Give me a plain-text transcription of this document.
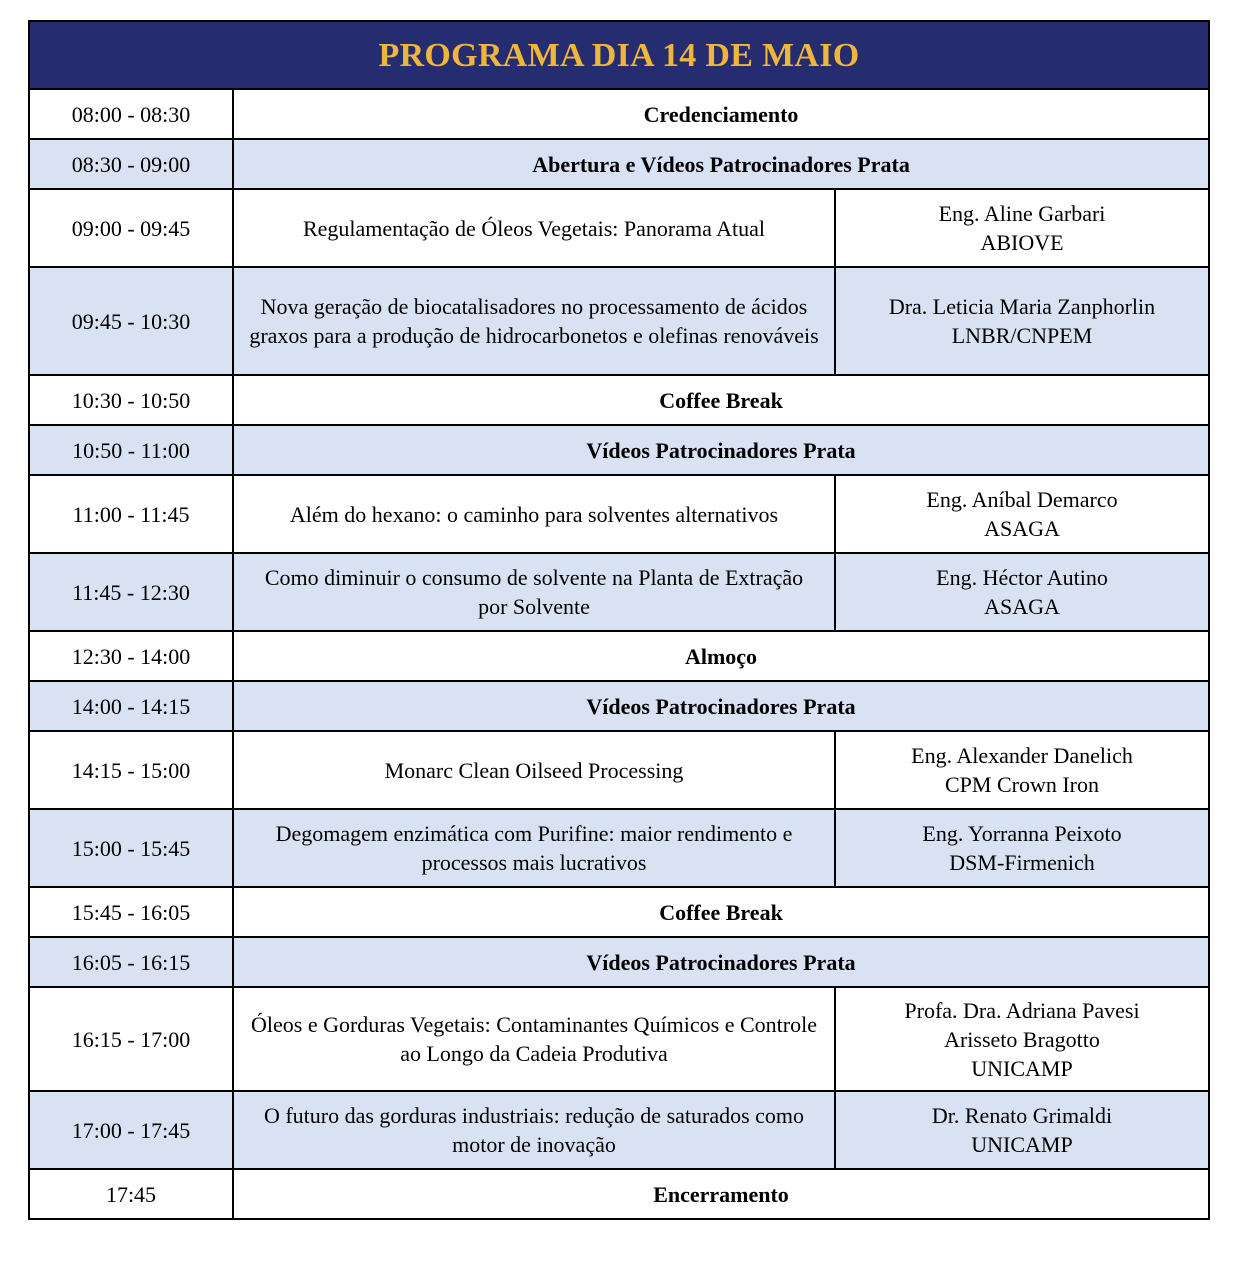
PROGRAMA DIA 14 DE MAIO		
08:00 - 08:30	Credenciamento	
08:30 - 09:00	Abertura e Vídeos Patrocinadores Prata	
09:00 - 09:45	Regulamentação de Óleos Vegetais: Panorama Atual	Eng. Aline Garbari
ABIOVE

09:45 - 10:30	Nova geração de biocatalisadores no processamento de ácidos graxos para a produção de hidrocarbonetos e olefinas renováveis	Dra. Leticia Maria Zanphorlin
LNBR/CNPEM

10:30 - 10:50	Coffee Break	
10:50 - 11:00	Vídeos Patrocinadores Prata	
11:00 - 11:45	Além do hexano: o caminho para solventes alternativos	Eng. Aníbal Demarco
ASAGA

11:45 - 12:30	Como diminuir o consumo de solvente na Planta de Extração por Solvente	Eng. Héctor Autino
ASAGA

12:30 - 14:00	Almoço	
14:00 - 14:15	Vídeos Patrocinadores Prata	
14:15 - 15:00	Monarc Clean Oilseed Processing	Eng. Alexander Danelich
CPM Crown Iron

15:00 - 15:45	Degomagem enzimática com Purifine: maior rendimento e processos mais lucrativos	Eng. Yorranna Peixoto
DSM-Firmenich

15:45 - 16:05	Coffee Break	
16:05 - 16:15	Vídeos Patrocinadores Prata	
16:15 - 17:00	Óleos e Gorduras Vegetais: Contaminantes Químicos e Controle ao Longo da Cadeia Produtiva	Profa. Dra. Adriana Pavesi
Arisseto Bragotto
UNICAMP

17:00 - 17:45	O futuro das gorduras industriais: redução de saturados como motor de inovação	Dr. Renato Grimaldi
UNICAMP

17:45	Encerramento	
